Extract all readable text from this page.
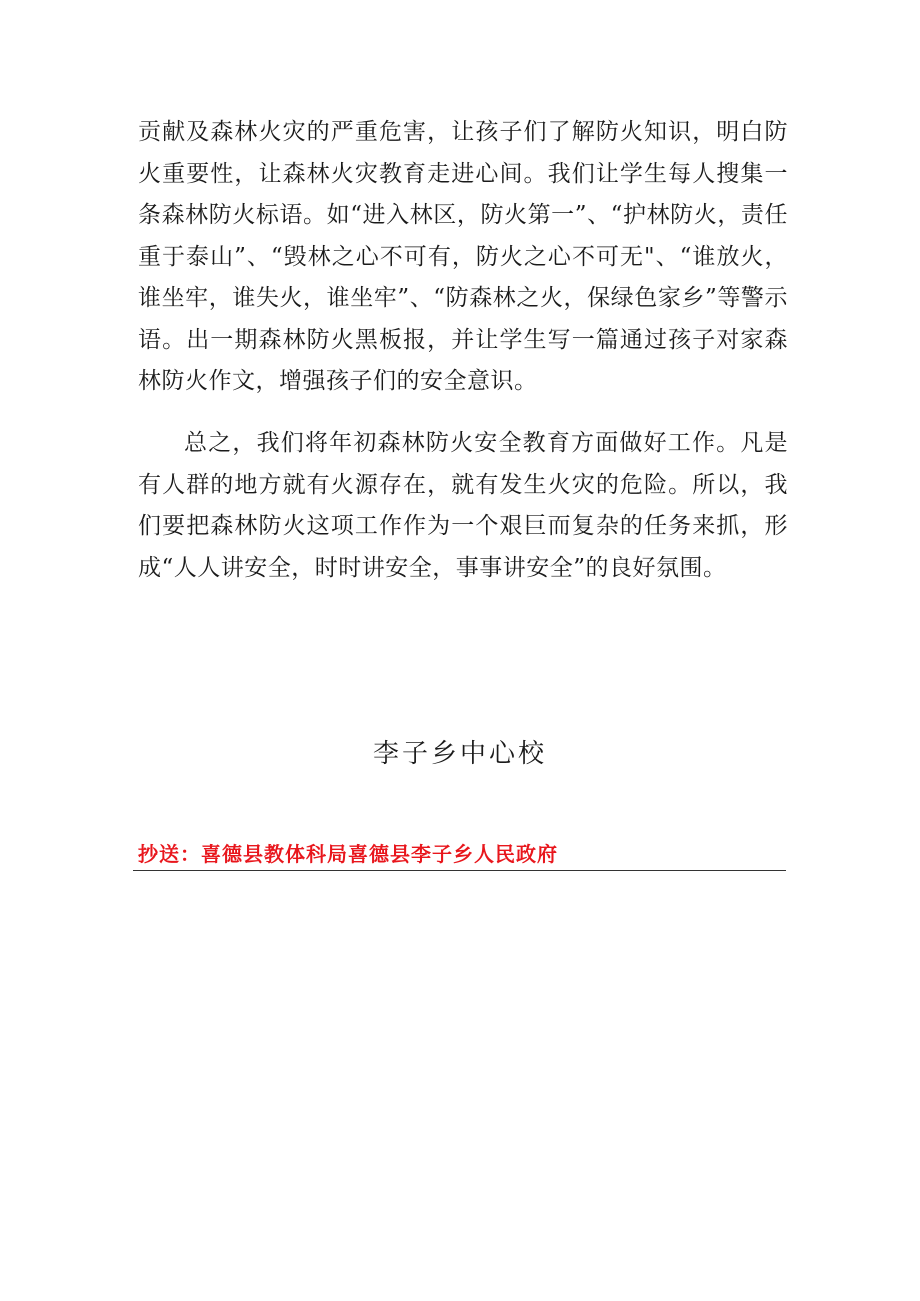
贡献及森林火灾的严重危害，让孩子们了解防火知识，明白防火重要性，让森林火灾教育走进心间。我们让学生每人搜集一条森林防火标语。如“进入林区，防火第一”、“护林防火，责任重于泰山”、“毁林之心不可有，防火之心不可无"、“谁放火，谁坐牢，谁失火，谁坐牢”、“防森林之火，保绿色家乡”等警示语。出一期森林防火黑板报，并让学生写一篇通过孩子对家森林防火作文，增强孩子们的安全意识。

总之，我们将年初森林防火安全教育方面做好工作。凡是有人群的地方就有火源存在，就有发生火灾的危险。所以，我们要把森林防火这项工作作为一个艰巨而复杂的任务来抓，形成“人人讲安全，时时讲安全，事事讲安全”的良好氛围。

李子乡中心校

抄送：喜德县教体科局喜德县李子乡人民政府
